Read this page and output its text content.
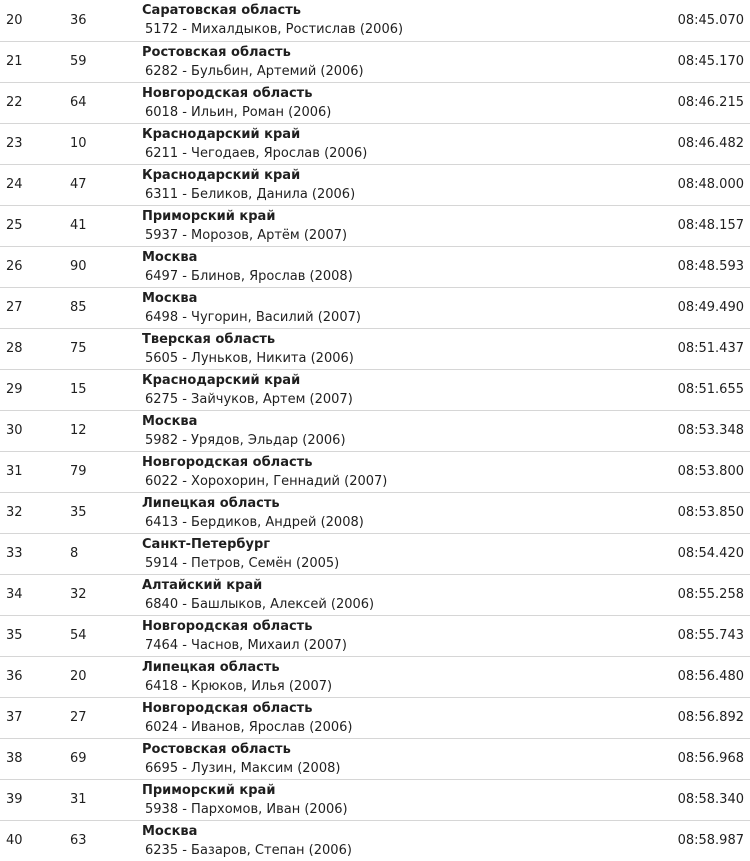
20	36	Саратовская область
5172 - Михалдыков, Ростислав (2006)	08:45.070
21	59	Ростовская область
6282 - Бульбин, Артемий (2006)	08:45.170
22	64	Новгородская область
6018 - Ильин, Роман (2006)	08:46.215
23	10	Краснодарский край
6211 - Чегодаев, Ярослав (2006)	08:46.482
24	47	Краснодарский край
6311 - Беликов, Данила (2006)	08:48.000
25	41	Приморский край
5937 - Морозов, Артём (2007)	08:48.157
26	90	Москва
6497 - Блинов, Ярослав (2008)	08:48.593
27	85	Москва
6498 - Чугорин, Василий (2007)	08:49.490
28	75	Тверская область
5605 - Луньков, Никита (2006)	08:51.437
29	15	Краснодарский край
6275 - Зайчуков, Артем (2007)	08:51.655
30	12	Москва
5982 - Урядов, Эльдар (2006)	08:53.348
31	79	Новгородская область
6022 - Хорохорин, Геннадий (2007)	08:53.800
32	35	Липецкая область
6413 - Бердиков, Андрей (2008)	08:53.850
33	8	Санкт-Петербург
5914 - Петров, Семён (2005)	08:54.420
34	32	Алтайский край
6840 - Башлыков, Алексей (2006)	08:55.258
35	54	Новгородская область
7464 - Часнов, Михаил (2007)	08:55.743
36	20	Липецкая область
6418 - Крюков, Илья (2007)	08:56.480
37	27	Новгородская область
6024 - Иванов, Ярослав (2006)	08:56.892
38	69	Ростовская область
6695 - Лузин, Максим (2008)	08:56.968
39	31	Приморский край
5938 - Пархомов, Иван (2006)	08:58.340
40	63	Москва
6235 - Базаров, Степан (2006)	08:58.987
